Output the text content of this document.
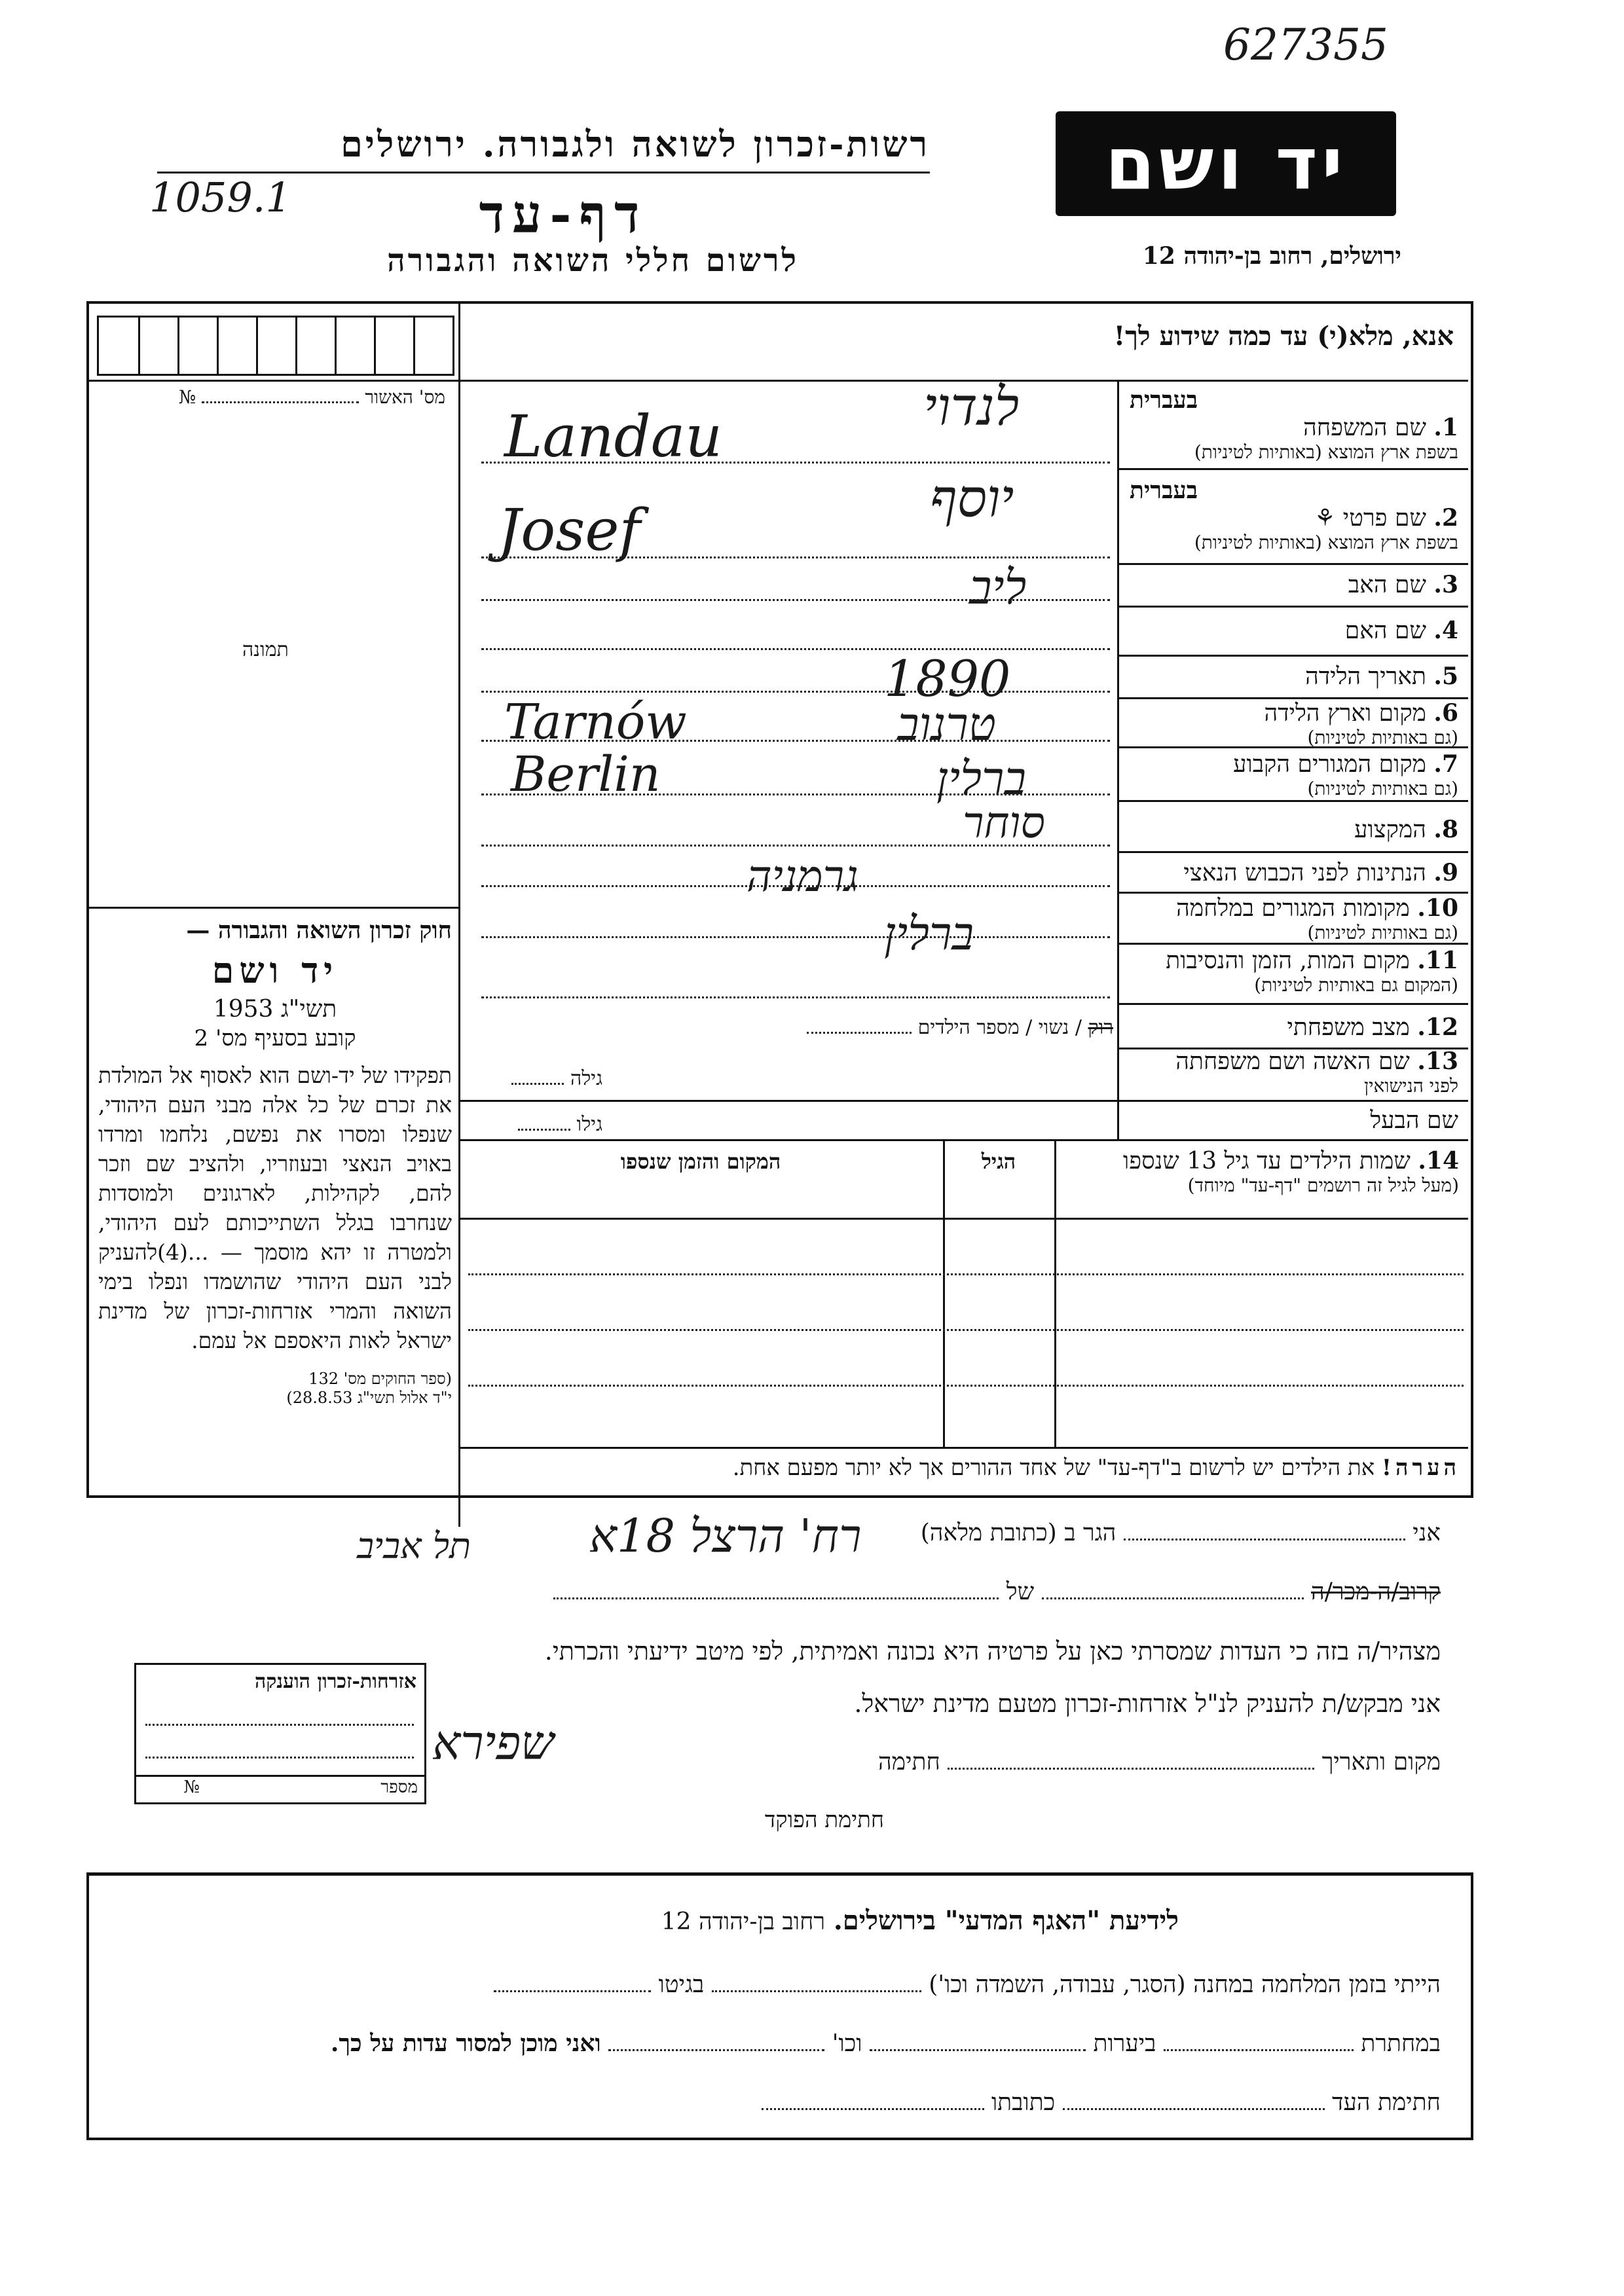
627355
רשות-זכרון לשואה ולגבורה. ירושלים
1059.1	דף-עד
לרשום חללי השואה והגבורה
יד ושם
ירושלים, רחוב בן-יהודה 12
אנא, מלא(י) עד כמה שידוע לך!
מס' האשור  №
תמונה
חוק זכרון השואה והגבורה —
יד ושם
תשי"ג 1953
קובע בסעיף מס' 2
תפקידו של יד-ושם הוא לאסוף אל המולדת את זכרם של כל אלה מבני העם היהודי, שנפלו ומסרו את נפשם, נלחמו ומרדו באויב הנאצי ובעוזריו, ולהציב שם וזכר להם, לקהילות, לארגונים ולמוסדות שנחרבו בגלל השתייכותם לעם היהודי, ולמטרה זו יהא מוסמך — ...(4)להעניק לבני העם היהודי שהושמדו ונפלו בימי השואה והמרי אזרחות-זכרון של מדינת ישראל לאות היאספם אל עמם.
(ספר החוקים מס' 132
י"ד אלול תשי"ג 28.8.53)
בעברית
1. שם המשפחה
בשפת ארץ המוצא (באותיות לטיניות)
בעברית
2. שם פרטי ⚘
בשפת ארץ המוצא (באותיות לטיניות)
3. שם האב
4. שם האם
5. תאריך הלידה
6. מקום וארץ הלידה
(גם באותיות לטיניות)
7. מקום המגורים הקבוע
(גם באותיות לטיניות)
8. המקצוע
9. הנתינות לפני הכבוש הנאצי
10. מקומות המגורים במלחמה
(גם באותיות לטיניות)
11. מקום המות, הזמן והנסיבות
(המקום גם באותיות לטיניות)
12. מצב משפחתי
13. שם האשה ושם משפחתה
לפני הנישואין
שם הבעל
רוק / נשוי / מספר הילדים
גילה
גילו
לנדוי
Landau
יוסף
Josef
ליב
1890
טרנוב
Tarnów
ברלין
Berlin
סוחר
גרמניה
ברלין
14. שמות הילדים עד גיל 13 שנספו
(מעל לגיל זה רושמים "דף-עד" מיוחד)
הגיל
המקום והזמן שנספו
הערה! את הילדים יש לרשום ב"דף-עד" של אחד ההורים אך לא יותר מפעם אחת.
אני  הגר ב (כתובת מלאה)
רח' הרצל 18א
תל אביב
קרוב/ה-מכר/ה  של
מצהיר/ה בזה כי העדות שמסרתי כאן על פרטיה היא נכונה ואמיתית, לפי מיטב ידיעתי והכרתי.
אני מבקש/ת להעניק לנ"ל אזרחות-זכרון מטעם מדינת ישראל.
מקום ותאריך  חתימה
שפירא
חתימת הפוקד
אזרחות-זכרון הוענקה
מספר  №
לידיעת "האגף המדעי" בירושלים. רחוב בן-יהודה 12
הייתי בזמן המלחמה במחנה (הסגר, עבודה, השמדה וכו')  בגיטו
במחתרת  ביערות  וכו'  ואני מוכן למסור עדות על כך.
חתימת העד  כתובתו
